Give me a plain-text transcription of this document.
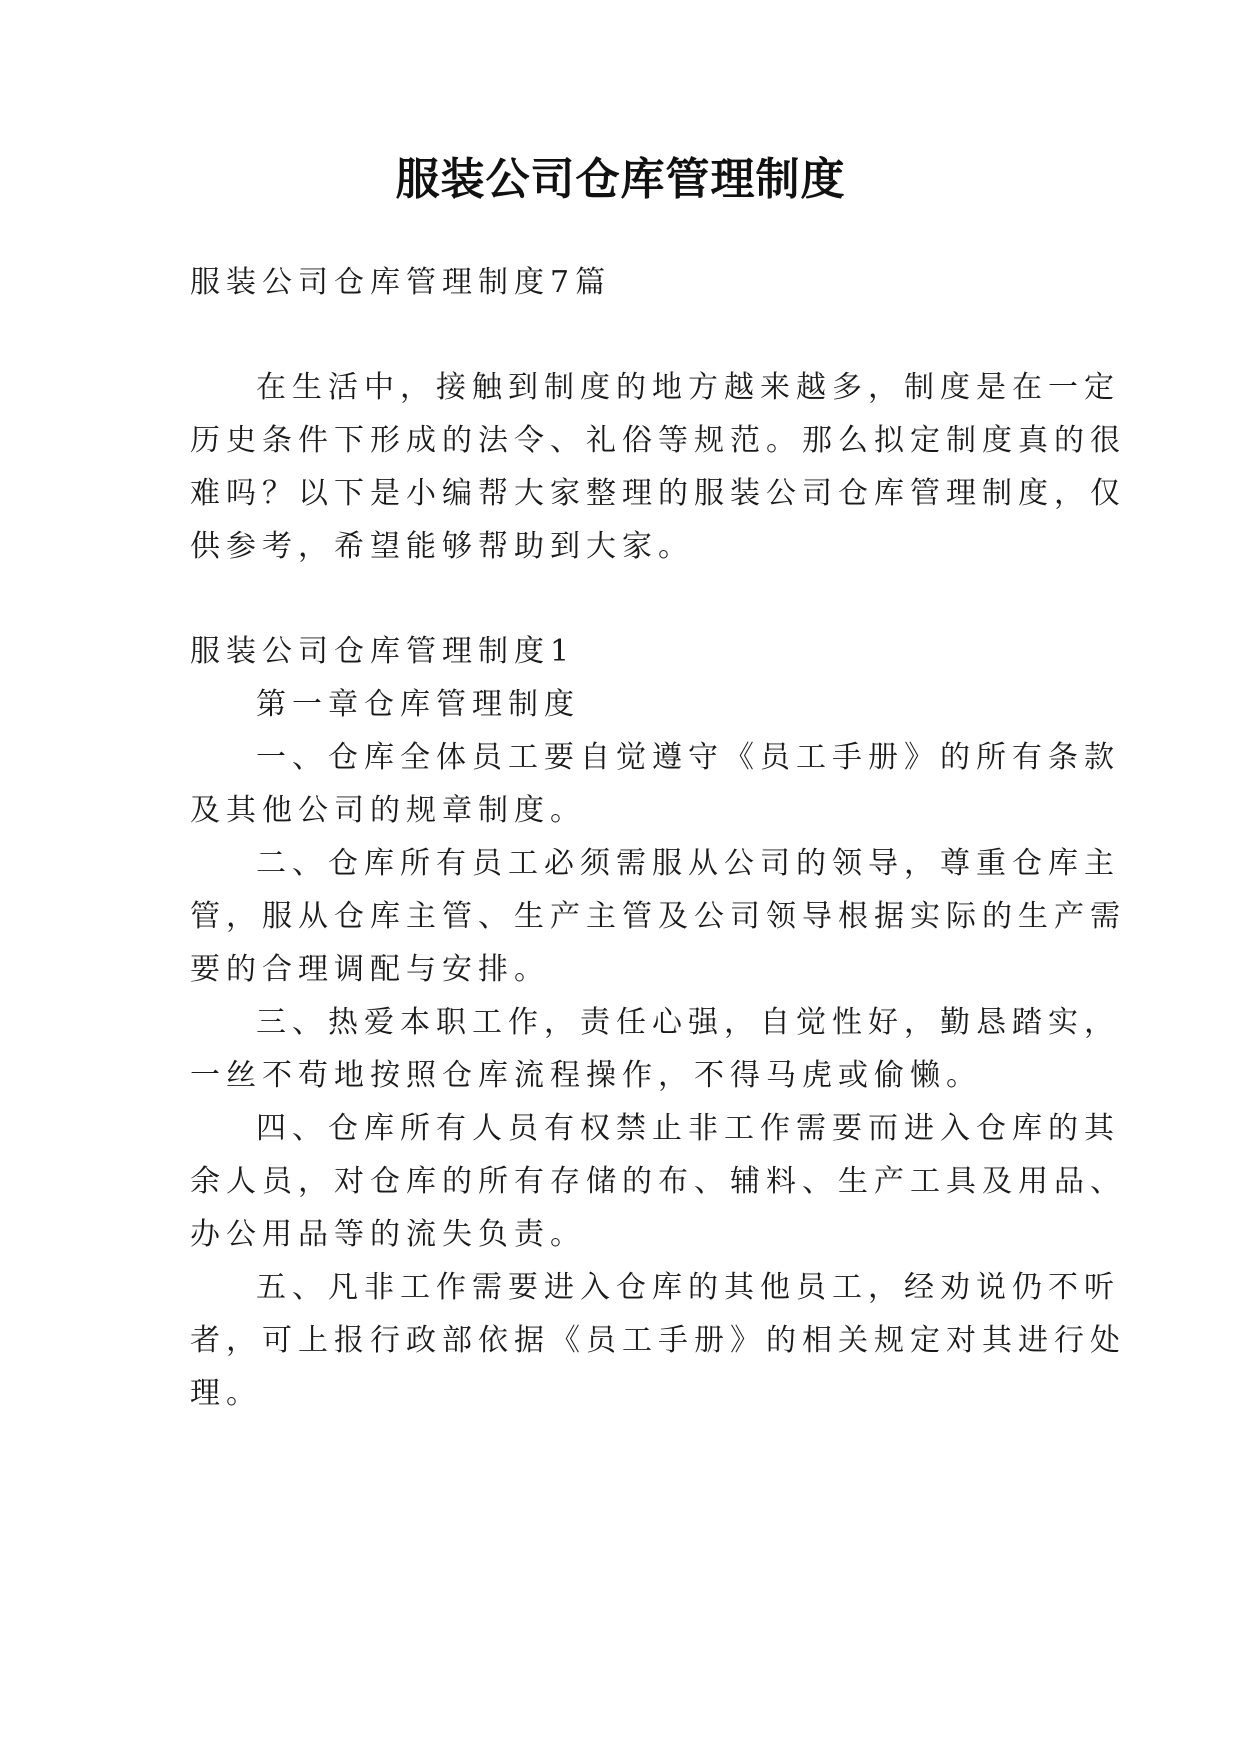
服装公司仓库管理制度
服装公司仓库管理制度7篇
在生活中，接触到制度的地方越来越多，制度是在一定
历史条件下形成的法令、礼俗等规范。那么拟定制度真的很
难吗？以下是小编帮大家整理的服装公司仓库管理制度，仅
供参考，希望能够帮助到大家。
服装公司仓库管理制度1
第一章仓库管理制度
一、仓库全体员工要自觉遵守《员工手册》的所有条款
及其他公司的规章制度。
二、仓库所有员工必须需服从公司的领导，尊重仓库主
管，服从仓库主管、生产主管及公司领导根据实际的生产需
要的合理调配与安排。
三、热爱本职工作，责任心强，自觉性好，勤恳踏实，
一丝不苟地按照仓库流程操作，不得马虎或偷懒。
四、仓库所有人员有权禁止非工作需要而进入仓库的其
余人员，对仓库的所有存储的布、辅料、生产工具及用品、
办公用品等的流失负责。
五、凡非工作需要进入仓库的其他员工，经劝说仍不听
者，可上报行政部依据《员工手册》的相关规定对其进行处
理。
